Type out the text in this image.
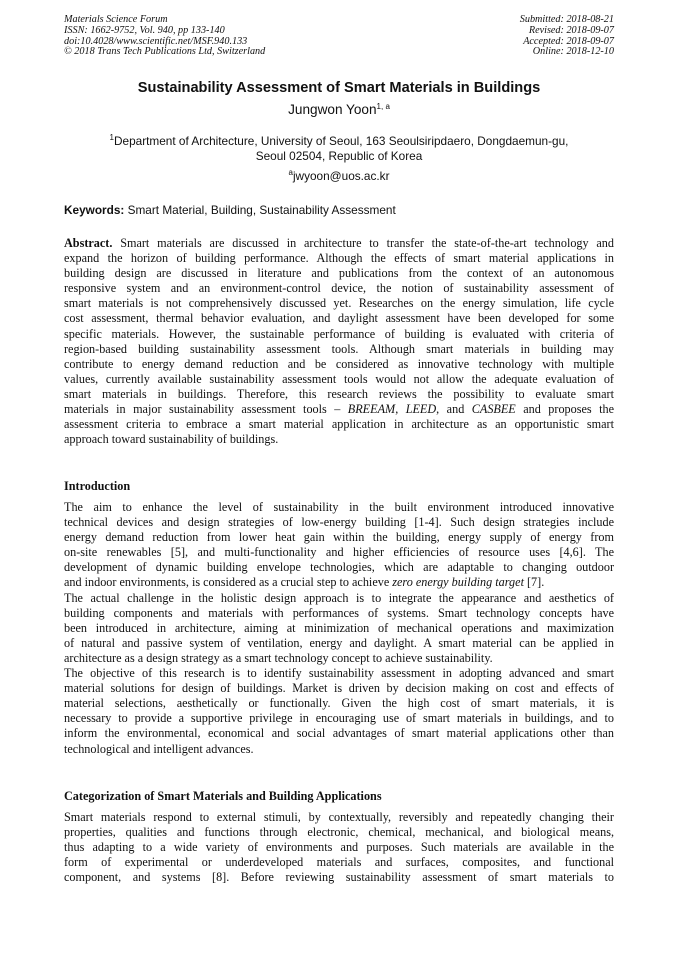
Materials Science Forum
ISSN: 1662-9752, Vol. 940, pp 133-140
doi:10.4028/www.scientific.net/MSF.940.133
© 2018 Trans Tech Publications Ltd, Switzerland
Submitted: 2018-08-21
Revised: 2018-09-07
Accepted: 2018-09-07
Online: 2018-12-10
Sustainability Assessment of Smart Materials in Buildings
Jungwon Yoon$^{1, a}$
$^1$Department of Architecture, University of Seoul, 163 Seoulsiripdaero, Dongdaemun-gu,
Seoul 02504, Republic of Korea
$^a$jwyoon@uos.ac.kr
Keywords: Smart Material, Building, Sustainability Assessment
Abstract. Smart materials are discussed in architecture to transfer the state-of-the-art technology and
expand the horizon of building performance. Although the effects of smart material applications in
building design are discussed in literature and publications from the context of an autonomous
responsive system and an environment-control device, the notion of sustainability assessment of
smart materials is not comprehensively discussed yet. Researches on the energy simulation, life cycle
cost assessment, thermal behavior evaluation, and daylight assessment have been developed for some
specific materials. However, the sustainable performance of building is evaluated with criteria of
region-based building sustainability assessment tools. Although smart materials in building may
contribute to energy demand reduction and be considered as innovative technology with multiple
values, currently available sustainability assessment tools would not allow the adequate evaluation of
smart materials in buildings. Therefore, this research reviews the possibility to evaluate smart
materials in major sustainability assessment tools – BREEAM, LEED, and CASBEE and proposes the
assessment criteria to embrace a smart material application in architecture as an opportunistic smart
approach toward sustainability of buildings.
Introduction
The aim to enhance the level of sustainability in the built environment introduced innovative
technical devices and design strategies of low-energy building [1-4]. Such design strategies include
energy demand reduction from lower heat gain within the building, energy supply of energy from
on-site renewables [5], and multi-functionality and higher efficiencies of resource uses [4,6]. The
development of dynamic building envelope technologies, which are adaptable to changing outdoor
and indoor environments, is considered as a crucial step to achieve zero energy building target [7].
The actual challenge in the holistic design approach is to integrate the appearance and aesthetics of
building components and materials with performances of systems. Smart technology concepts have
been introduced in architecture, aiming at minimization of mechanical operations and maximization
of natural and passive system of ventilation, energy and daylight. A smart material can be applied in
architecture as a design strategy as a smart technology concept to achieve sustainability.
The objective of this research is to identify sustainability assessment in adopting advanced and smart
material solutions for design of buildings. Market is driven by decision making on cost and effects of
material selections, aesthetically or functionally. Given the high cost of smart materials, it is
necessary to provide a supportive privilege in encouraging use of smart materials in buildings, and to
inform the environmental, economical and social advantages of smart material applications other than
technological and intelligent advances.
Categorization of Smart Materials and Building Applications
Smart materials respond to external stimuli, by contextually, reversibly and repeatedly changing their
properties, qualities and functions through electronic, chemical, mechanical, and biological means,
thus adapting to a wide variety of environments and purposes. Such materials are available in the
form of experimental or underdeveloped materials and surfaces, composites, and functional
component, and systems [8]. Before reviewing sustainability assessment of smart materials to
